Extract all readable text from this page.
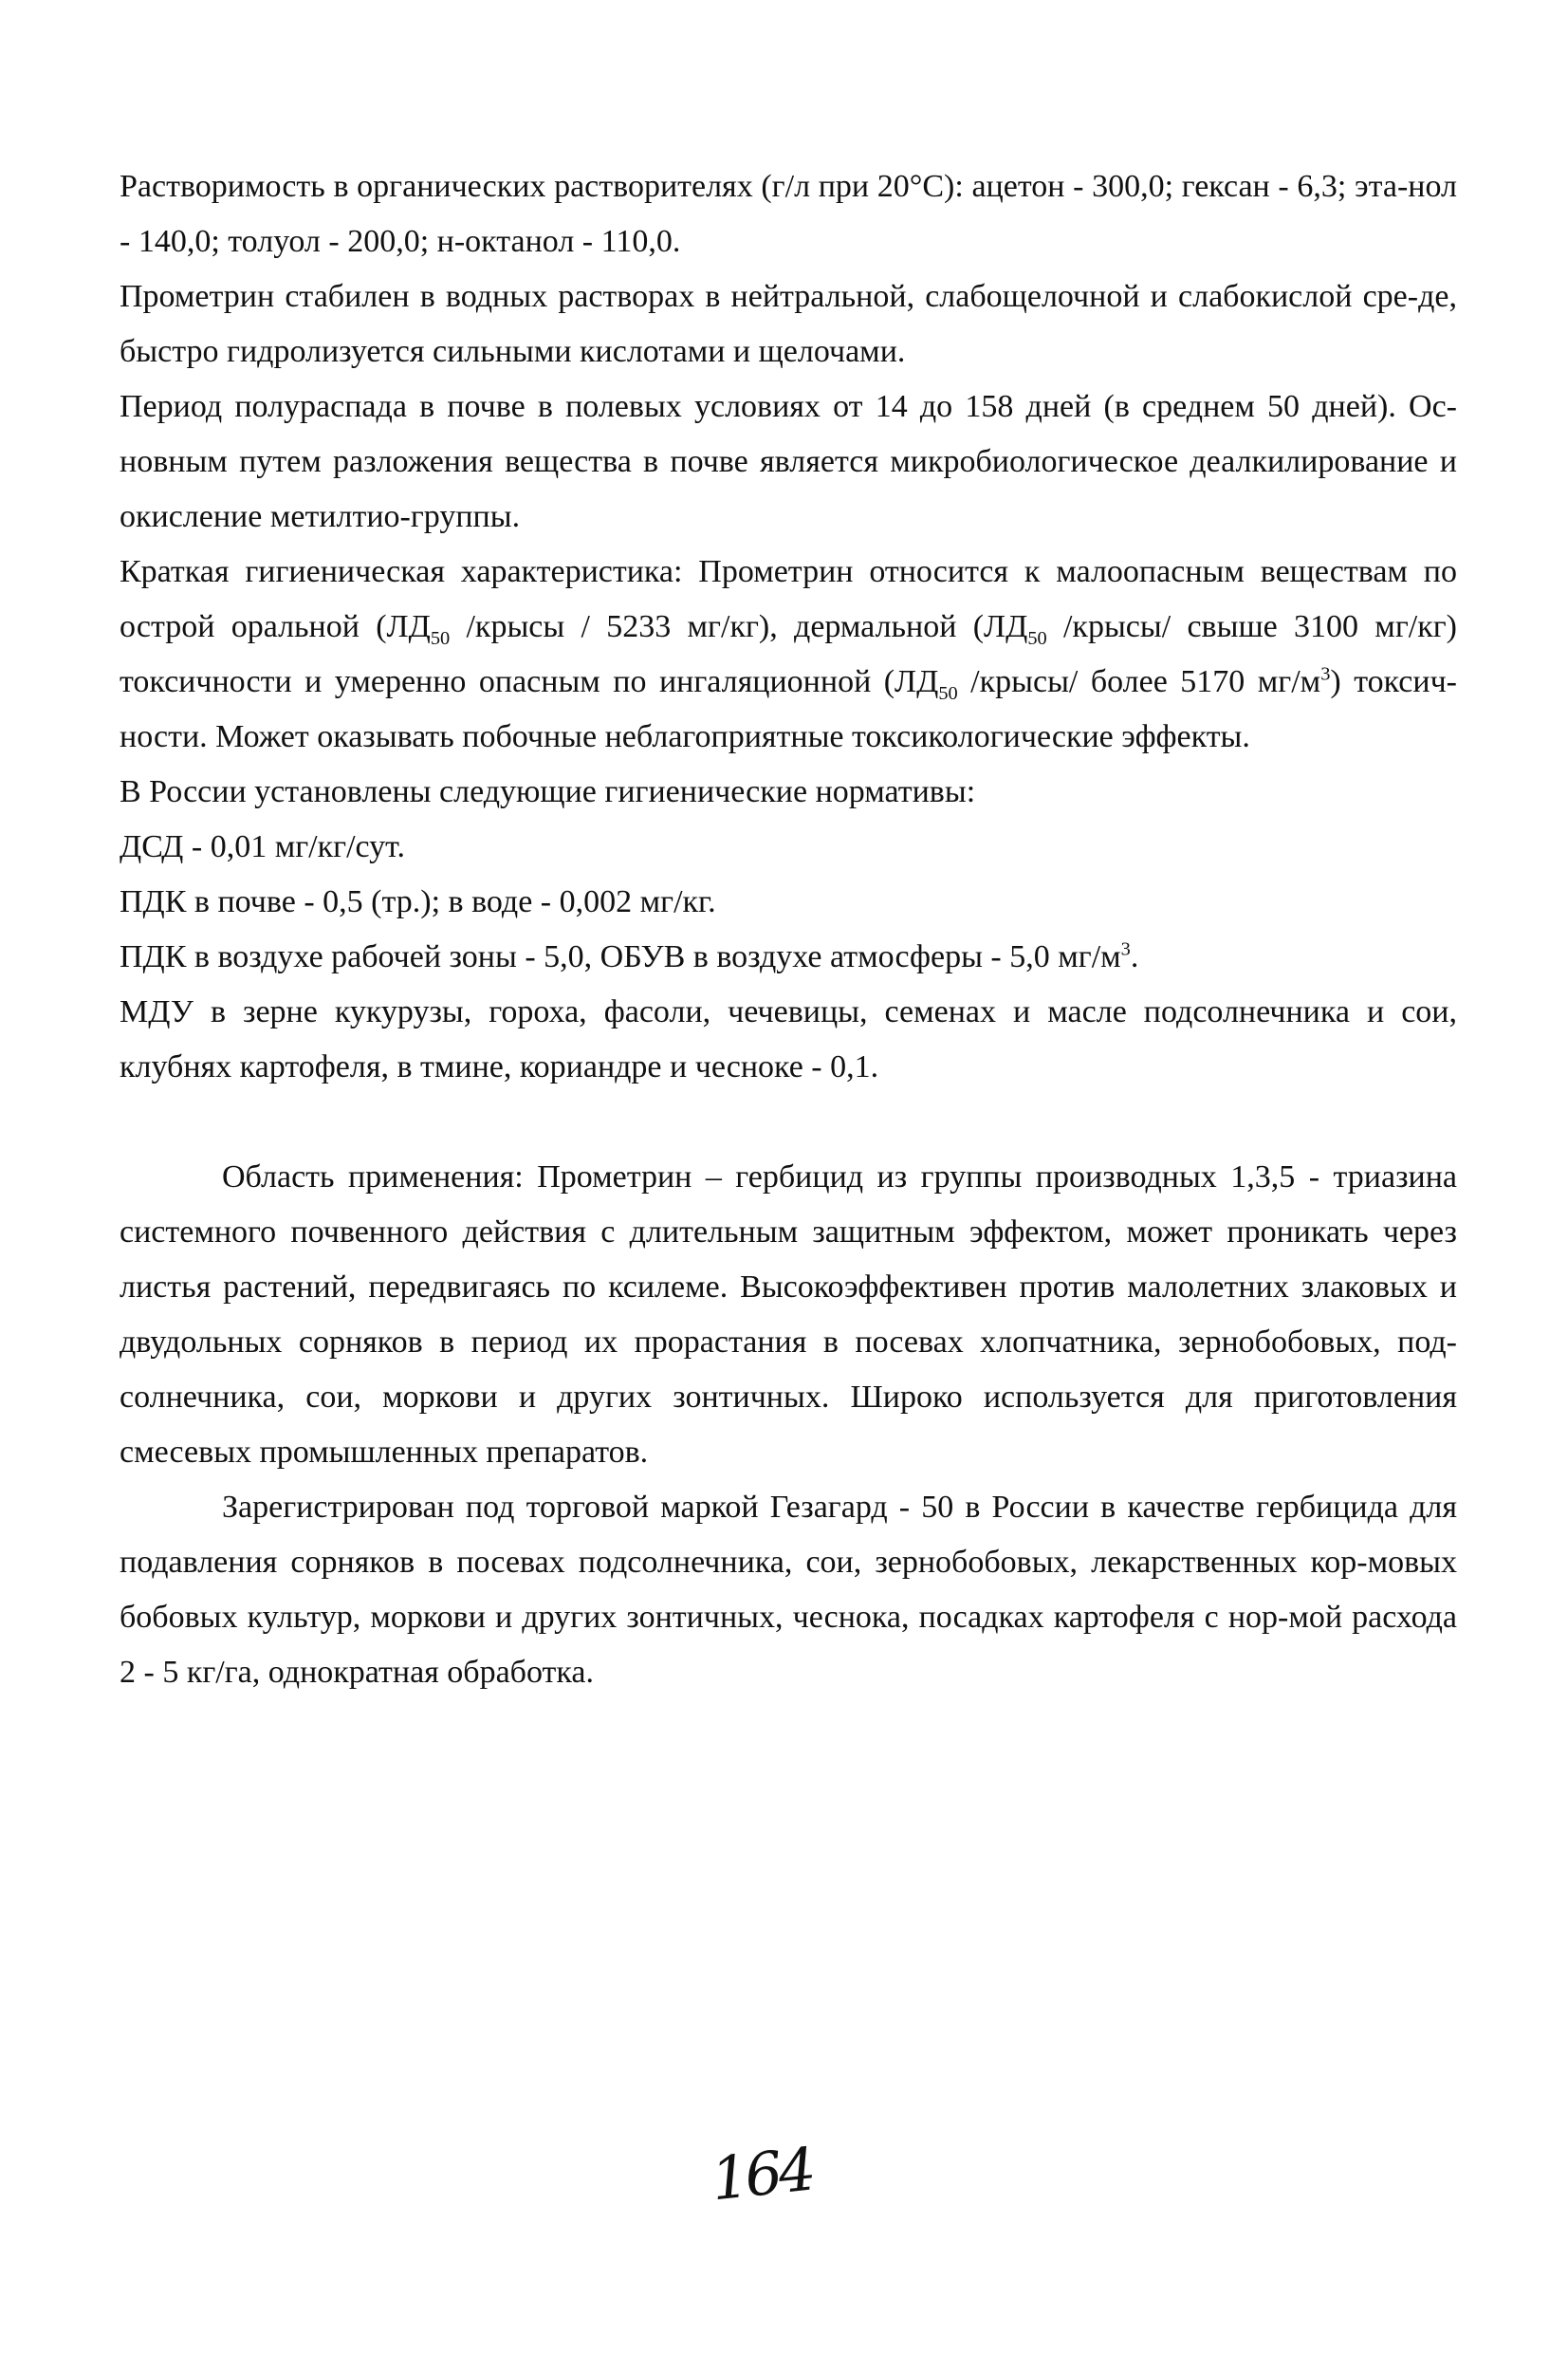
Растворимость в органических растворителях (г/л при 20°С): ацетон - 300,0; гексан - 6,3; эта-нол - 140,0; толуол - 200,0; н-октанол - 110,0.

Прометрин стабилен в водных растворах в нейтральной, слабощелочной и слабокислой сре-де, быстро гидролизуется сильными кислотами и щелочами.

Период полураспада в почве в полевых условиях от 14 до 158 дней (в среднем 50 дней). Ос-новным путем разложения вещества в почве является микробиологическое деалкилирование и окисление метилтио-группы.

Краткая гигиеническая характеристика: Прометрин относится к малоопасным веществам по острой оральной ($ЛД_{50}$ /крысы / 5233 мг/кг), дермальной ($ЛД_{50}$ /крысы/ свыше 3100 мг/кг) токсичности и умеренно опасным по ингаляционной ($ЛД_{50}$ /крысы/ более 5170 $мг/м^3$) токсич-ности. Может оказывать побочные неблагоприятные токсикологические эффекты.

В России установлены следующие гигиенические нормативы:

ДСД - 0,01 мг/кг/сут.

ПДК в почве - 0,5 (тр.); в воде - 0,002 мг/кг.

ПДК в воздухе рабочей зоны - 5,0, ОБУВ в воздухе атмосферы - 5,0 $мг/м^3$.

МДУ в зерне кукурузы, гороха, фасоли, чечевицы, семенах и масле подсолнечника и сои, клубнях картофеля, в тмине, кориандре и чесноке - 0,1.

Область применения: Прометрин – гербицид из группы производных 1,3,5 - триазина системного почвенного действия с длительным защитным эффектом, может проникать через листья растений, передвигаясь по ксилеме. Высокоэффективен против малолетних злаковых и двудольных сорняков в период их прорастания в посевах хлопчатника, зернобобовых, под-солнечника, сои, моркови и других зонтичных. Широко используется для приготовления смесевых промышленных препаратов.

Зарегистрирован под торговой маркой Гезагард - 50 в России в качестве гербицида для подавления сорняков в посевах подсолнечника, сои, зернобобовых, лекарственных кор-мовых бобовых культур, моркови и других зонтичных, чеснока, посадках картофеля с нор-мой расхода 2 - 5 кг/га, однократная обработка.

164
